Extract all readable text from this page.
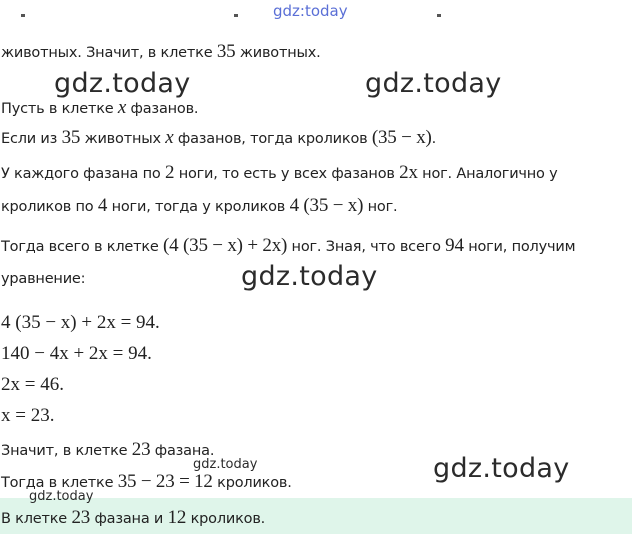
gdz:today
животных. Значит, в клетке 35 животных.
gdz.today	gdz.today
Пусть в клетке x фазанов.
Если из 35 животных x фазанов, тогда кроликов (35 − x).
У каждого фазана по 2 ноги, то есть у всех фазанов 2x ног. Аналогично у
кроликов по 4 ноги, тогда у кроликов 4 (35 − x) ног.
Тогда всего в клетке (4 (35 − x) + 2x) ног. Зная, что всего 94 ноги, получим
уравнение:	gdz.today
4 (35 − x) + 2x = 94.
140 − 4x + 2x = 94.
2x = 46.
x = 23.
Значит, в клетке 23 фазана.
gdz.today	gdz.today
Тогда в клетке 35 − 23 = 12 кроликов.
gdz.today
В клетке 23 фазана и 12 кроликов.
